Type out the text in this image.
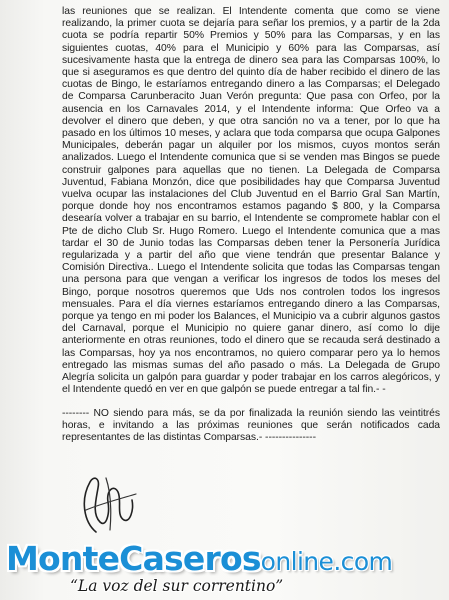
las reuniones que se realizan. El Intendente comenta que como se viene realizando, la primer cuota se dejaría para señar los premios, y a partir de la 2da cuota se podría repartir 50% Premios y 50% para las Comparsas, y en las siguientes cuotas, 40% para el Municipio y 60% para las Comparsas, así sucesivamente hasta que la entrega de dinero sea para las Comparsas 100%, lo que si aseguramos es que dentro del quinto día de haber recibido el dinero de las cuotas de Bingo, le estaríamos entregando dinero a las Comparsas; el Delegado de Comparsa Carunberacito Juan Verón pregunta: Que pasa con Orfeo, por la ausencia en los Carnavales 2014, y el Intendente informa: Que Orfeo va a devolver el dinero que deben, y que otra sanción no va a tener, por lo que ha pasado en los últimos 10 meses, y aclara que toda comparsa que ocupa Galpones Municipales, deberán pagar un alquiler por los mismos, cuyos montos serán analizados. Luego el Intendente comunica que si se venden mas Bingos se puede construir galpones para aquellas que no tienen. La Delegada de Comparsa Juventud, Fabiana Monzón, dice que posibilidades hay que Comparsa Juventud vuelva ocupar las instalaciones del Club Juventud en el Barrio Gral San Martín, porque donde hoy nos encontramos estamos pagando $ 800, y la Comparsa desearía volver a trabajar en su barrio, el Intendente se compromete hablar con el Pte de dicho Club Sr. Hugo Romero. Luego el Intendente comunica que a mas tardar el 30 de Junio todas las Comparsas deben tener la Personería Jurídica regularizada y a partir del año que viene tendrán que presentar Balance y Comisión Directiva.. Luego el Intendente solicita que todas las Comparsas tengan una persona para que vengan a verificar los ingresos de todos los meses del Bingo, porque nosotros queremos que Uds nos controlen todos los ingresos mensuales. Para el día viernes estaríamos entregando dinero a las Comparsas, porque ya tengo en mi poder los Balances, el Municipio va a cubrir algunos gastos del Carnaval, porque el Municipio no quiere ganar dinero, así como lo dije anteriormente en otras reuniones, todo el dinero que se recauda será destinado a las Comparsas, hoy ya nos encontramos, no quiero comparar pero ya lo hemos entregado las mismas sumas del año pasado o más. La Delegada de Grupo Alegría solicita un galpón para guardar y poder trabajar en los carros alegóricos, y el Intendente quedó en ver en que galpón se puede entregar a tal fin.- -

-------- NO siendo para más, se da por finalizada la reunión siendo las veintitrés horas, e invitando a las próximas reuniones que serán notificados cada representantes de las distintas Comparsas.- ---------------

MonteCaserosonline.com
“La voz del sur correntino”
